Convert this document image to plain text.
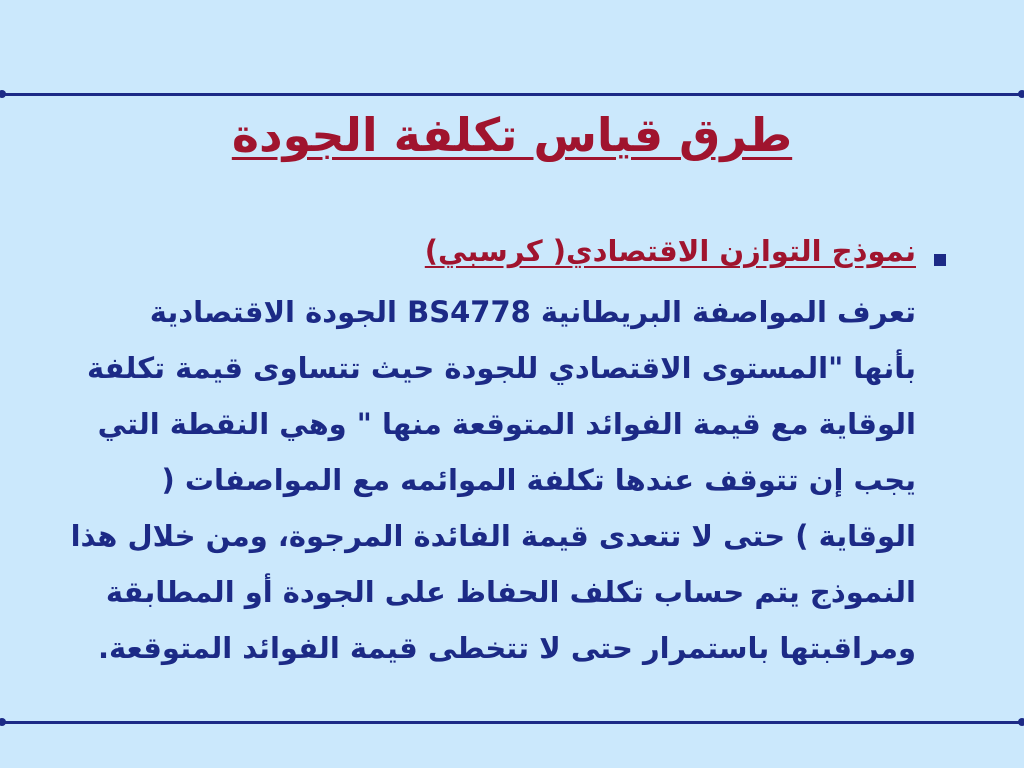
طرق قياس تكلفة الجودة
نموذج التوازن الاقتصادي( كرسبي)
تعرف المواصفة البريطانية BS4778 الجودة الاقتصادية
بأنها "المستوى الاقتصادي للجودة حيث تتساوى قيمة تكلفة
الوقاية مع قيمة الفوائد المتوقعة منها " وهي النقطة التي
يجب إن تتوقف عندها تكلفة الموائمه مع المواصفات (
الوقاية ) حتى لا تتعدى قيمة الفائدة المرجوة، ومن خلال هذا
النموذج يتم حساب تكلف الحفاظ على الجودة أو المطابقة
ومراقبتها باستمرار حتى لا تتخطى قيمة الفوائد المتوقعة.
